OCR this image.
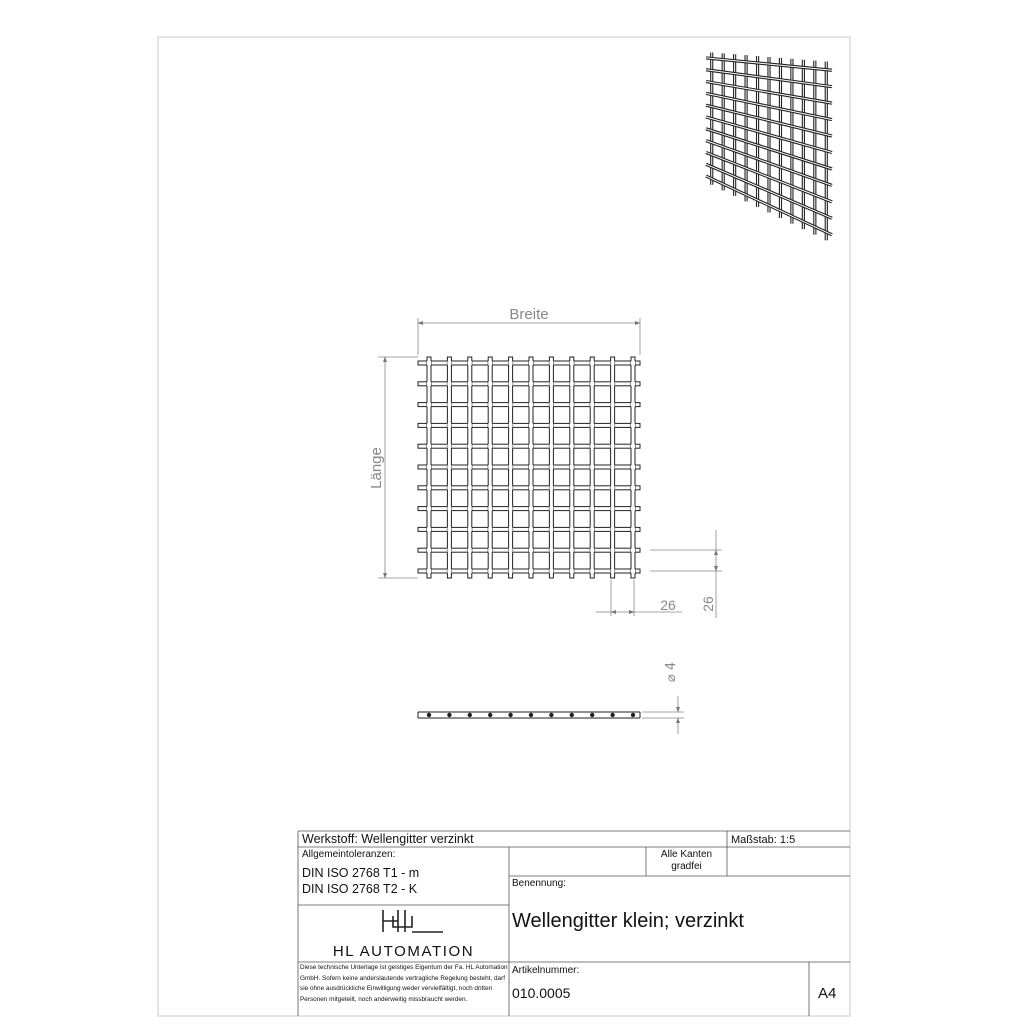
Breite
Länge
26 26
⌀ 4
Werkstoff: Wellengitter verzinkt	Maßstab: 1:5
Allgemeintoleranzen:
DIN ISO 2768 T1 - m
DIN ISO 2768 T2 - K
Alle Kanten
gradfei
Benennung:
Wellengitter klein; verzinkt
HL AUTOMATION
Diese technische Unterlage ist geistiges Eigentum der Fa. HL Automation GmbH. Sofern keine anderslautende vertragliche Regelung besteht, darf sie ohne ausdrückliche Einwilligung weder vervielfältigt, noch dritten Personen mitgeteilt, noch anderweitig missbraucht werden.
Artikelnummer:
010.0005	A4
